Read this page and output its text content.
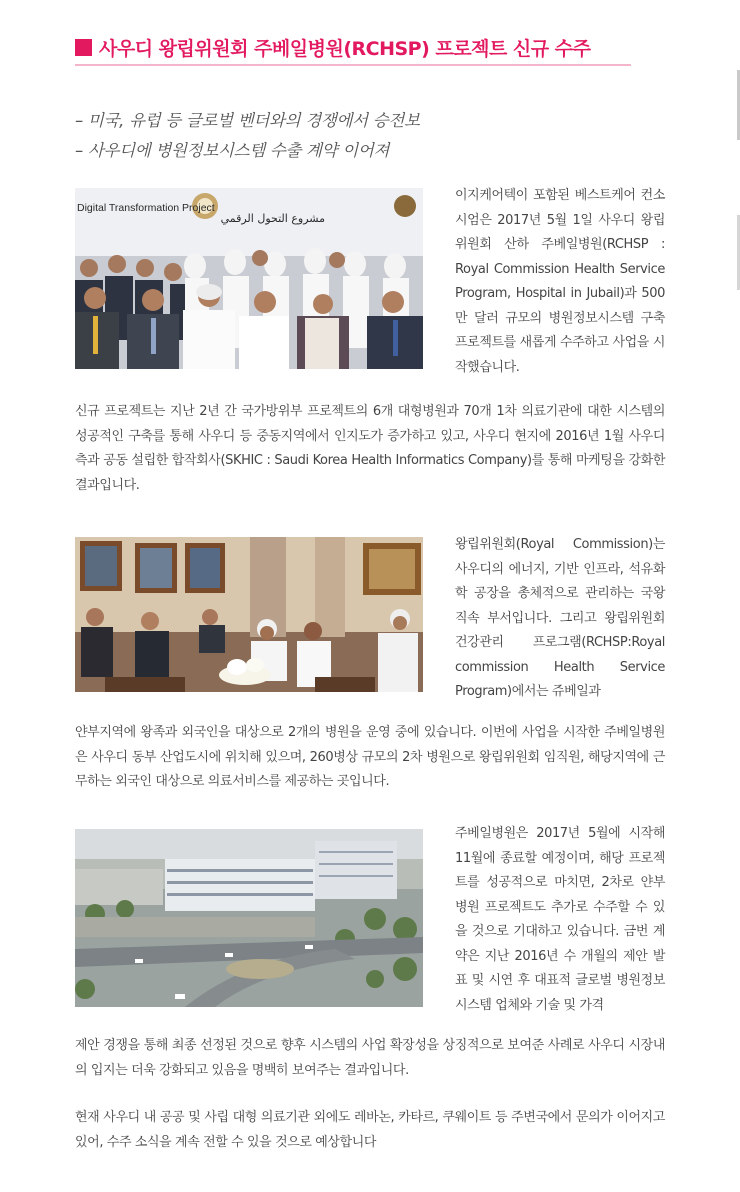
사우디 왕립위원회 주베일병원(RCHSP) 프로젝트 신규 수주
– 미국, 유럽 등 글로벌 벤더와의 경쟁에서 승전보
– 사우디에 병원정보시스템 수출 계약 이어져
Digital Transformation Project
مشروع التحول الرقمي
이지케어텍이 포함된 베스트케어 컨소시엄은 2017년 5월 1일 사우디 왕립위원회 산하 주베일병원(RCHSP : Royal Commission Health Service Program, Hospital in Jubail)과 500만 달러 규모의 병원정보시스템 구축 프로젝트를 새롭게 수주하고 사업을 시작했습니다.
신규 프로젝트는 지난 2년 간 국가방위부 프로젝트의 6개 대형병원과 70개 1차 의료기관에 대한 시스템의 성공적인 구축를 통해 사우디 등 중동지역에서 인지도가 증가하고 있고, 사우디 현지에 2016년 1월 사우디 측과 공동 설립한 합작회사(SKHIC : Saudi Korea Health Informatics Company)를 통해 마케팅을 강화한 결과입니다.
왕립위원회(Royal Commission)는 사우디의 에너지, 기반 인프라, 석유화학 공장을 총체적으로 관리하는 국왕 직속 부서입니다. 그리고 왕립위원회 건강관리 프로그램(RCHSP:Royal commission Health Service Program)에서는 쥬베일과
얀부지역에 왕족과 외국인을 대상으로 2개의 병원을 운영 중에 있습니다. 이번에 사업을 시작한 주베일병원은 사우디 동부 산업도시에 위치해 있으며, 260병상 규모의 2차 병원으로 왕립위원회 임직원, 해당지역에 근무하는 외국인 대상으로 의료서비스를 제공하는 곳입니다.
주베일병원은 2017년 5월에 시작해 11월에 종료할 예정이며, 해당 프로젝트를 성공적으로 마치면, 2차로 얀부 병원 프로젝트도 추가로 수주할 수 있을 것으로 기대하고 있습니다. 금번 계약은 지난 2016년 수 개월의 제안 발표 및 시연 후 대표적 글로벌 병원정보시스템 업체와 기술 및 가격
제안 경쟁을 통해 최종 선정된 것으로 향후 시스템의 사업 확장성을 상징적으로 보여준 사례로 사우디 시장내의 입지는 더욱 강화되고 있음을 명백히 보여주는 결과입니다.
현재 사우디 내 공공 및 사립 대형 의료기관 외에도 레바논, 카타르, 쿠웨이트 등 주변국에서 문의가 이어지고 있어, 수주 소식을 계속 전할 수 있을 것으로 예상합니다
